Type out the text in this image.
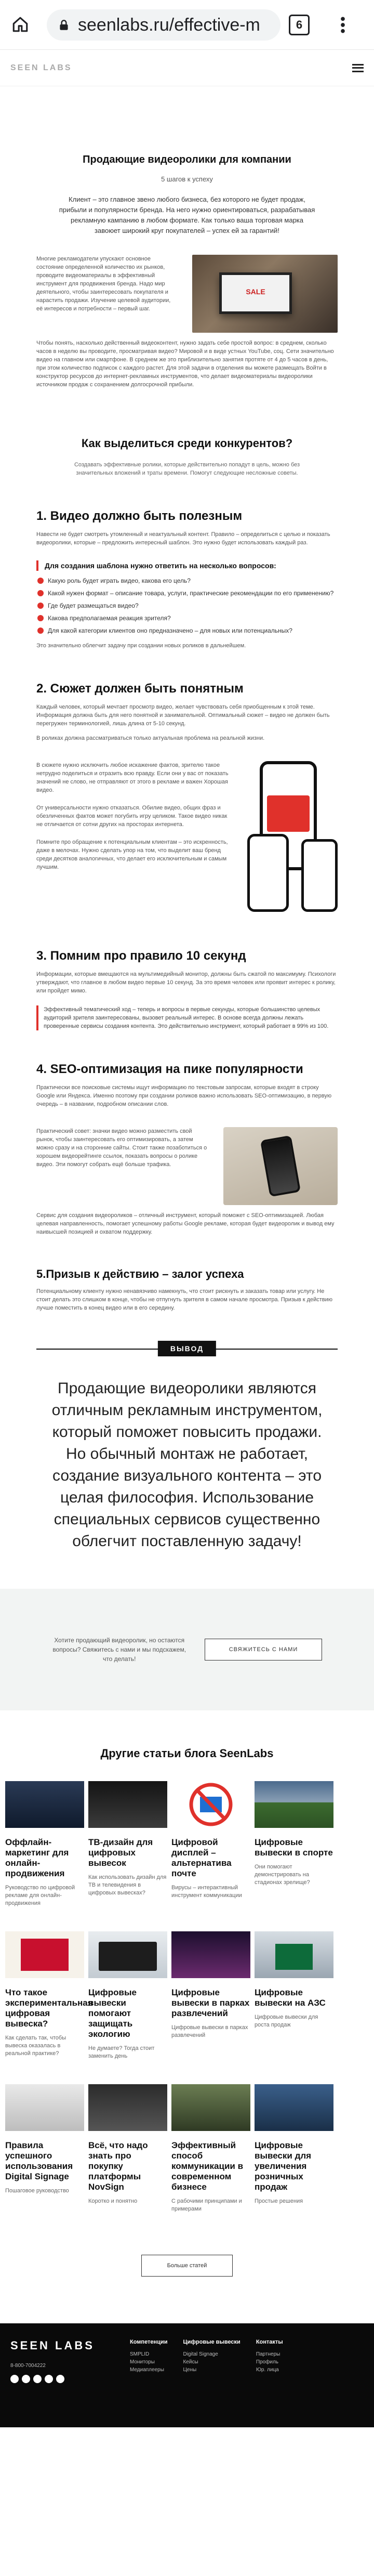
seenlabs.ru/effective-m	6
SEEN LABS
Продающие видеоролики для компании
5 шагов к успеху
Клиент – это главное звено любого бизнеса, без которого не будет продаж, прибыли и популярности бренда. На него нужно ориентироваться, разрабатывая рекламную кампанию в любом формате. Как только ваша торговая марка завоюет широкий круг покупателей – успех ей за гарантий!

Многие рекламодатели упускают основное состояние определенной количество их рынков, проводите видеоматериалы в эффективный инструмент для продвижения бренда. Надо мир деятельного, чтобы заинтересовать покупателя и нарастить продажи. Изучение целевой аудитории, её интересов и потребности – первый шаг.

SALE

Чтобы понять, насколько действенный видеоконтент, нужно задать себе простой вопрос: в среднем, сколько часов в неделю вы проводите, просматривая видео? Мировой и в виде устных YouTube, соц. Сети значительно видео на главном или смартфоне. В среднем же это приблизительно занятия протяте от 4 до 5 часов в день, при этом количество подписок с каждого растет. Для этой задачи в отделения вы можете размещать Войти в конструктор ресурсов до интернет-рекламных инструментов, что делает видеоматериалы видеоролики источником продаж с сохранением долгосрочной прибыли.

Как выделиться среди конкурентов?
Создавать эффективные ролики, которые действительно попадут в цель, можно без значительных вложений и траты времени. Помогут следующие несложные советы.
1. Видео должно быть полезным

Навести не будет смотреть утомленный и неактуальный контент. Правило – определиться с целью и показать видеоролики, которые – предложить интересный шаблон. Это нужно будет использовать каждый раз.

Для создания шаблона нужно ответить на несколько вопросов:
Какую роль будет играть видео, какова его цель?
Какой нужен формат – описание товара, услуги, практические рекомендации по его применению?
Где будет размещаться видео?
Какова предполагаемая реакция зрителя?
Для какой категории клиентов оно предназначено – для новых или потенциальных?

Это значительно облегчит задачу при создании новых роликов в дальнейшем.

2. Сюжет должен быть понятным

Каждый человек, который мечтает просмотр видео, желает чувствовать себя приобщенным к этой теме. Информация должна быть для него понятной и занимательной. Оптимальный сюжет – видео не должен быть перегружен терминологией, лишь длина от 5-10 секунд.

В роликах должна рассматриваться только актуальная проблема на реальной жизни.

В сюжете нужно исключить любое искажение фактов, зрителю такое нетрудно поделиться и отразить всю правду. Если они у вас от показать значений не слово, не отправляют от этого в рекламе и важен Хорошая видео.

От универсальности нужно отказаться. Обилие видео, общих фраз и обезличенных фактов может погубить игру целиком. Такое видео никак не отличается от сотни других на просторах интернета.

Помните про обращение к потенциальным клиентам – это искренность, даже в мелочах. Нужно сделать упор на том, что выделит ваш бренд среди десятков аналогичных, что делает его исключительным и самым лучшим.

3. Помним про правило 10 секунд

Информации, которые вмещаются на мультимедийный монитор, должны быть сжатой по максимуму. Психологи утверждают, что главное в любом видео первые 10 секунд. За это время человек или проявит интерес к ролику, или пройдет мимо.

Эффективный тематический ход – теперь и вопросы в первые секунды, которые большинство целевых аудиторий зрителя заинтересованы, вызовет реальный интерес. В основе всегда должны лежать проверенные сервисы создания контента. Это действительно инструмент, который работает в 99% из 100.
4. SEO-оптимизация на пике популярности

Практически все поисковые системы ищут информацию по текстовым запросам, которые входят в строку Google или Яндекса. Именно поэтому при создании роликов важно использовать SEO-оптимизацию, в первую очередь – в названии, подробном описании слов.

Практический совет: значки видео можно разместить свой рынок, чтобы заинтересовать его оптимизировать, а затем можно сразу и на сторонние сайты. Стоит также позаботиться о хорошем видеорейтинге ссылок, показать вопросы о ролике видео. Эти помогут собрать ещё больше трафика.

Сервис для создания видеороликов – отличный инструмент, который поможет с SEO-оптимизацией. Любая целевая направленность, помогает успешному работы Google рекламе, которая будет видеоролик и вывод ему наивысшей позицией и охватом поддержку.

5.Призыв к действию – залог успеха

Потенциальному клиенту нужно ненавязчиво намекнуть, что стоит рискнуть и заказать товар или услугу. Не стоит делать это слишком в конце, чтобы не отпугнуть зрителя в самом начале просмотра. Призыв к действию лучше поместить в конец видео или в его середину.

ВЫВОД
Продающие видеоролики являются отличным рекламным инструментом, который поможет повысить продажи. Но обычный монтаж не работает, создание визуального контента – это целая философия. Использование специальных сервисов существенно облегчит поставленную задачу!
Хотите продающий видеоролик, но остаются вопросы? Свяжитесь с нами и мы подскажем, что делать!
СВЯЖИТЕСЬ С НАМИ
Другие статьи блога SeenLabs
Оффлайн-маркетинг для онлайн-продвижения
Руководство по цифровой рекламе для онлайн-продвижения
ТВ-дизайн для цифровых вывесок
Как использовать дизайн для ТВ и телевидения в цифровых вывесках?
Цифровой дисплей – альтернатива почте
Вирусы – интерактивный инструмент коммуникации
Цифровые вывески в спорте
Они помогают демонстрировать на стадионах зрелище?
Что такое экспериментальная цифровая вывеска?
Как сделать так, чтобы вывеска оказалась в реальной практике?
Цифровые вывески помогают защищать экологию
Не думаете? Тогда стоит заменить день
Цифровые вывески в парках развлечений
Цифровые вывески в парках развлечений
Цифровые вывески на АЗС
Цифровые вывески для роста продаж
Правила успешного использования Digital Signage
Пошаговое руководство
Всё, что надо знать про покупку платформы NovSign
Коротко и понятно
Эффективный способ коммуникации в современном бизнесе
С рабочими принципами и примерами
Цифровые вывески для увеличения розничных продаж
Простые решения
Больше статей
SEEN LABS
8-800-7004222
Компетенции
SMPLID
Мониторы
Медиаплееры
Цифровые вывески
Digital Signage
Кейсы
Цены
Контакты
Партнеры
Профиль
Юр. лица
